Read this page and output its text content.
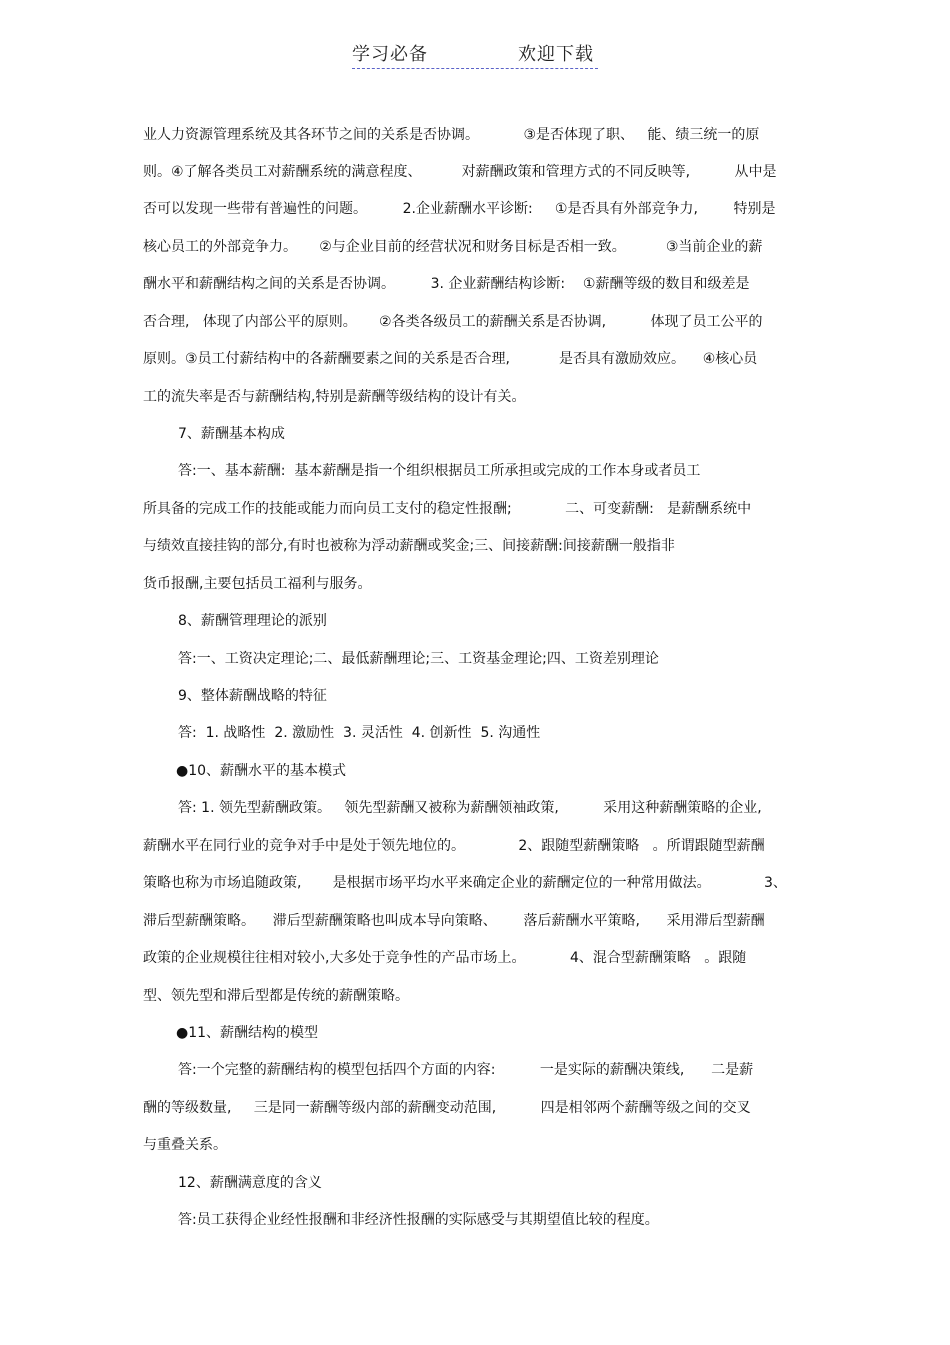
学习必备	欢迎下载
业人力资源管理系统及其各环节之间的关系是否协调。          ③是否体现了职、   能、绩三统一的原
则。④了解各类员工对薪酬系统的满意程度、         对薪酬政策和管理方式的不同反映等,          从中是
否可以发现一些带有普遍性的问题。        2.企业薪酬水平诊断:     ①是否具有外部竞争力,        特别是
核心员工的外部竞争力。     ②与企业目前的经营状况和财务目标是否相一致。         ③当前企业的薪
酬水平和薪酬结构之间的关系是否协调。        3. 企业薪酬结构诊断:    ①薪酬等级的数目和级差是
否合理,   体现了内部公平的原则。     ②各类各级员工的薪酬关系是否协调,          体现了员工公平的
原则。③员工付薪结构中的各薪酬要素之间的关系是否合理,           是否具有激励效应。    ④核心员
工的流失率是否与薪酬结构,特别是薪酬等级结构的设计有关。
7、薪酬基本构成
答:一、基本薪酬:  基本薪酬是指一个组织根据员工所承担或完成的工作本身或者员工
所具备的完成工作的技能或能力而向员工支付的稳定性报酬;            二、可变薪酬:   是薪酬系统中
与绩效直接挂钩的部分,有时也被称为浮动薪酬或奖金;三、间接薪酬:间接薪酬一般指非
货币报酬,主要包括员工福利与服务。
8、薪酬管理理论的派别
答:一、工资决定理论;二、最低薪酬理论;三、工资基金理论;四、工资差别理论
9、整体薪酬战略的特征
答:  1. 战略性  2. 激励性  3. 灵活性  4. 创新性  5. 沟通性
●10、薪酬水平的基本模式
答: 1. 领先型薪酬政策。   领先型薪酬又被称为薪酬领袖政策,          采用这种薪酬策略的企业,
薪酬水平在同行业的竞争对手中是处于领先地位的。            2、跟随型薪酬策略   。所谓跟随型薪酬
策略也称为市场追随政策,       是根据市场平均水平来确定企业的薪酬定位的一种常用做法。            3、
滞后型薪酬策略。    滞后型薪酬策略也叫成本导向策略、      落后薪酬水平策略,      采用滞后型薪酬
政策的企业规模往往相对较小,大多处于竞争性的产品市场上。          4、混合型薪酬策略   。跟随
型、领先型和滞后型都是传统的薪酬策略。
●11、薪酬结构的模型
答:一个完整的薪酬结构的模型包括四个方面的内容:          一是实际的薪酬决策线,      二是薪
酬的等级数量,     三是同一薪酬等级内部的薪酬变动范围,          四是相邻两个薪酬等级之间的交叉
与重叠关系。
12、薪酬满意度的含义
答:员工获得企业经性报酬和非经济性报酬的实际感受与其期望值比较的程度。
